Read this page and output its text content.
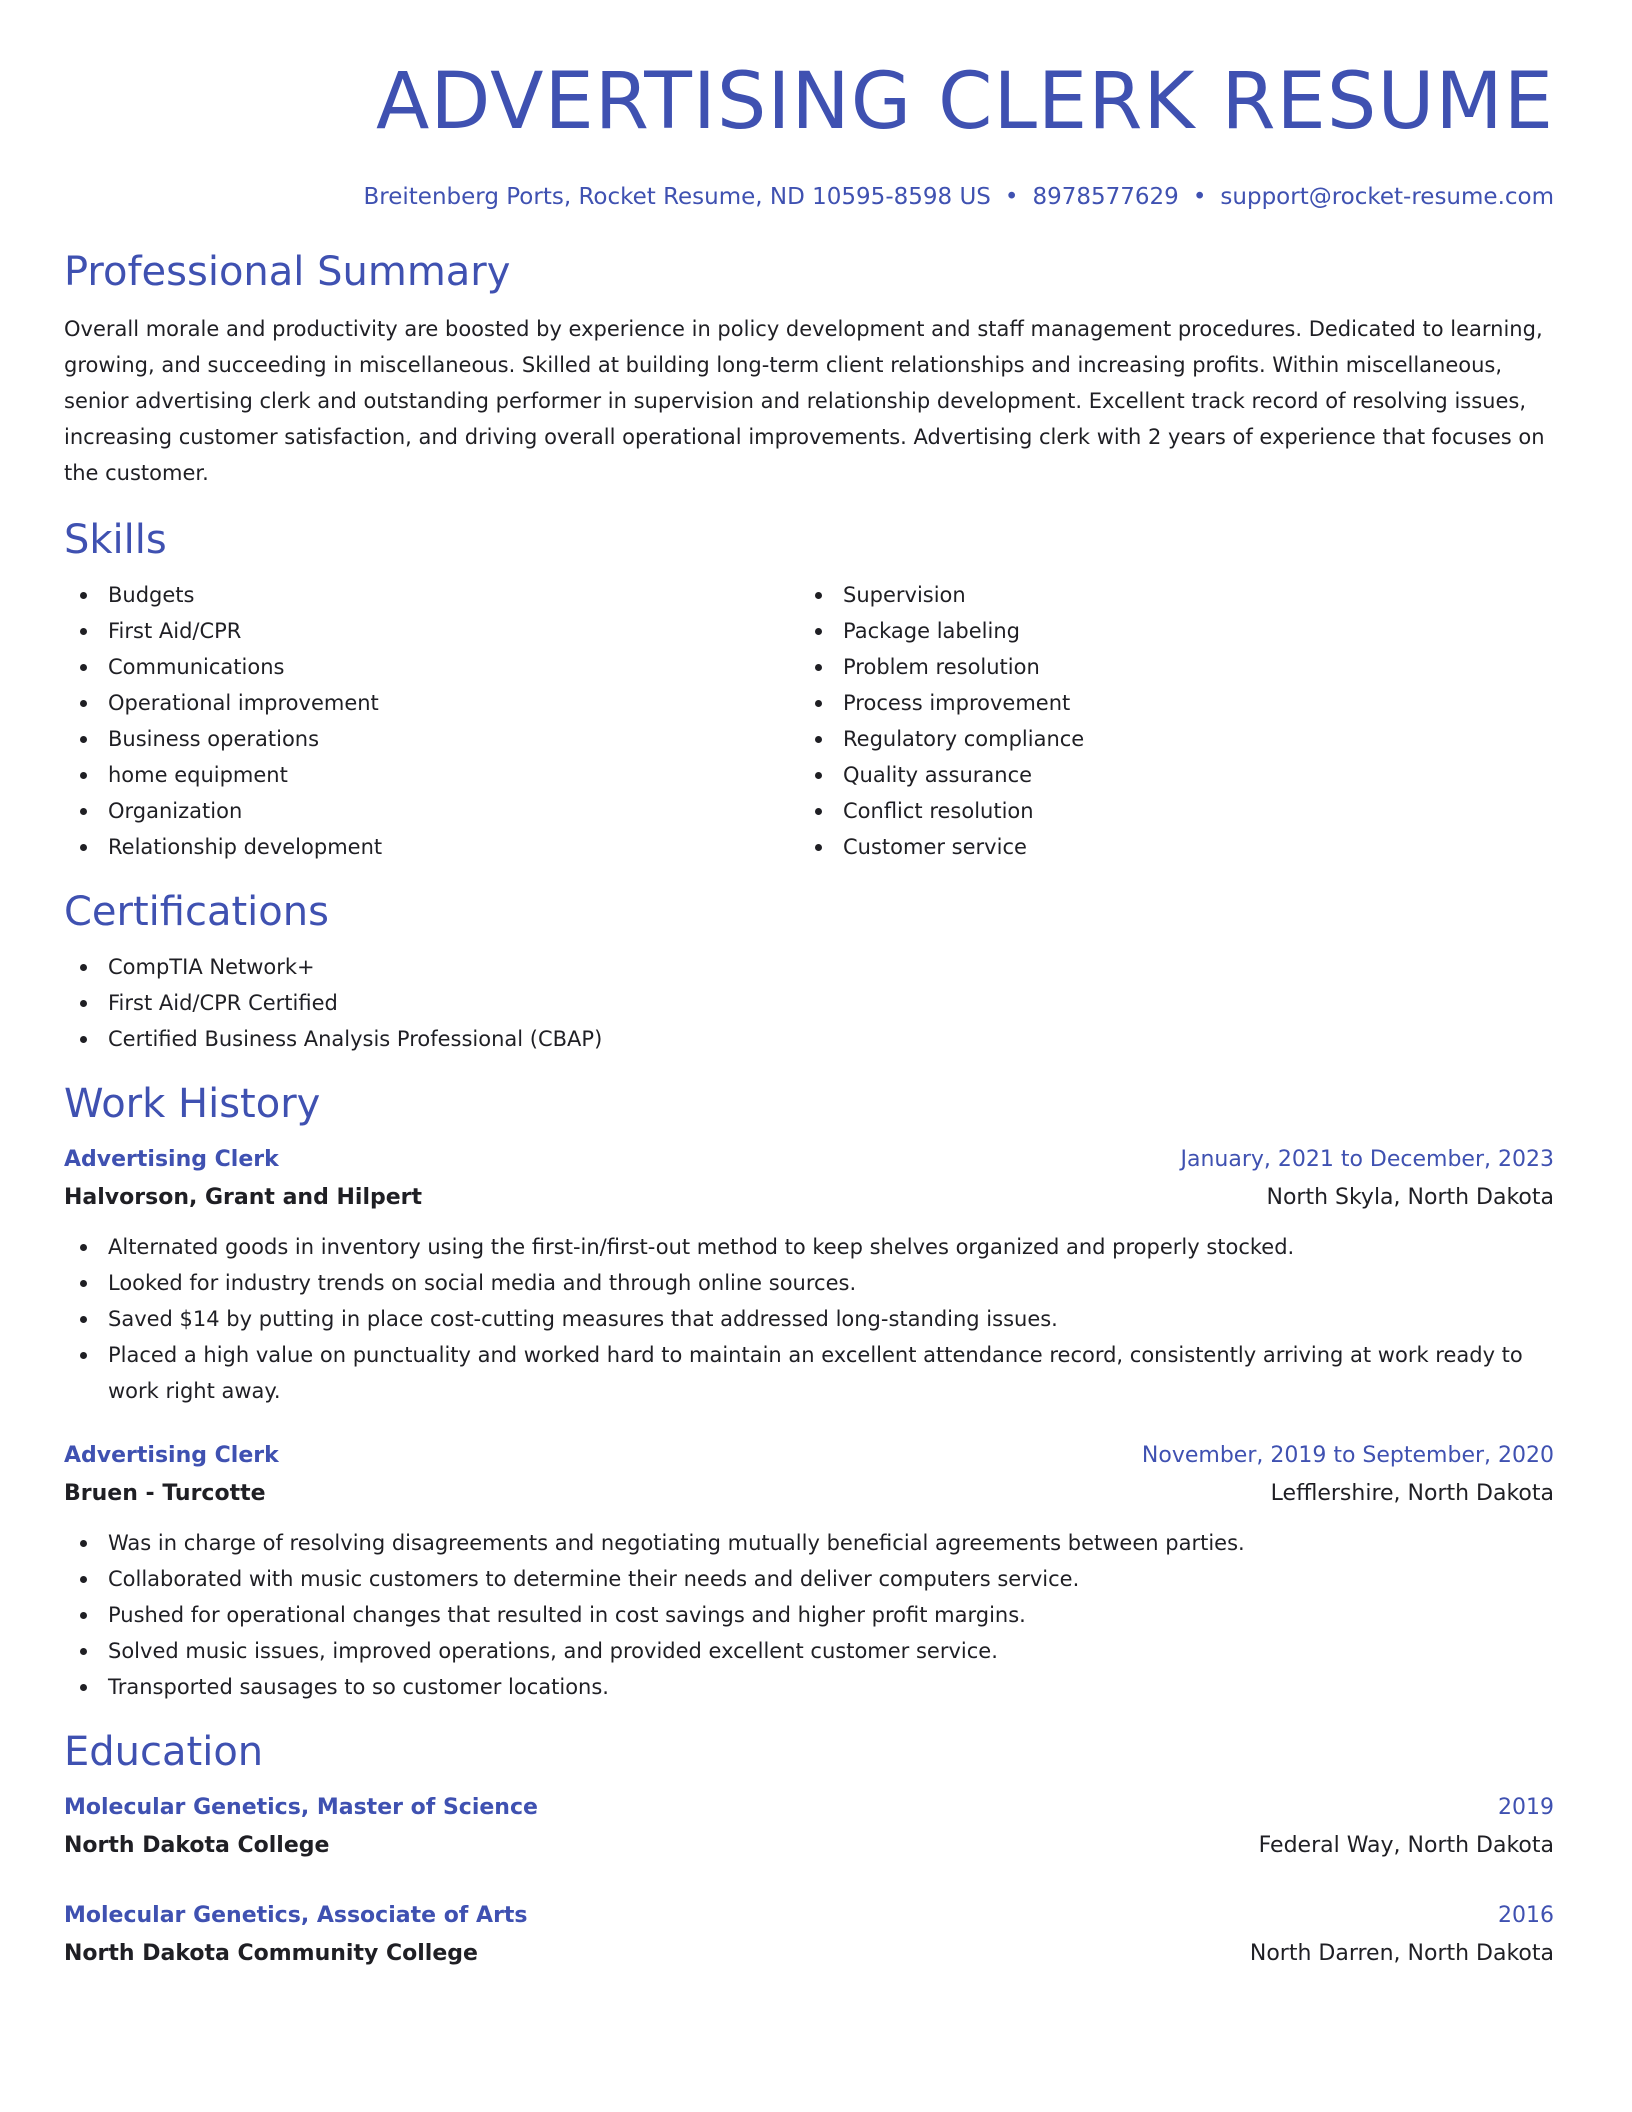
ADVERTISING CLERK RESUME
Breitenberg Ports, Rocket Resume, ND 10595-8598 US • 8978577629 • support@rocket-resume.com
Professional Summary

Overall morale and productivity are boosted by experience in policy development and staff management procedures. Dedicated to learning, growing, and succeeding in miscellaneous. Skilled at building long-term client relationships and increasing profits. Within miscellaneous, senior advertising clerk and outstanding performer in supervision and relationship development. Excellent track record of resolving issues, increasing customer satisfaction, and driving overall operational improvements. Advertising clerk with 2 years of experience that focuses on the customer.

Skills
Budgets
First Aid/CPR
Communications
Operational improvement
Business operations
home equipment
Organization
Relationship development
Supervision
Package labeling
Problem resolution
Process improvement
Regulatory compliance
Quality assurance
Conflict resolution
Customer service
Certifications
CompTIA Network+
First Aid/CPR Certified
Certified Business Analysis Professional (CBAP)
Work History
Advertising Clerk	January, 2021 to December, 2023
Halvorson, Grant and Hilpert	North Skyla, North Dakota
Alternated goods in inventory using the first-in/first-out method to keep shelves organized and properly stocked.
Looked for industry trends on social media and through online sources.
Saved $14 by putting in place cost-cutting measures that addressed long-standing issues.
Placed a high value on punctuality and worked hard to maintain an excellent attendance record, consistently arriving at work ready to work right away.
Advertising Clerk	November, 2019 to September, 2020
Bruen - Turcotte	Lefflershire, North Dakota
Was in charge of resolving disagreements and negotiating mutually beneficial agreements between parties.
Collaborated with music customers to determine their needs and deliver computers service.
Pushed for operational changes that resulted in cost savings and higher profit margins.
Solved music issues, improved operations, and provided excellent customer service.
Transported sausages to so customer locations.
Education
Molecular Genetics, Master of Science	2019
North Dakota College	Federal Way, North Dakota
Molecular Genetics, Associate of Arts	2016
North Dakota Community College	North Darren, North Dakota
